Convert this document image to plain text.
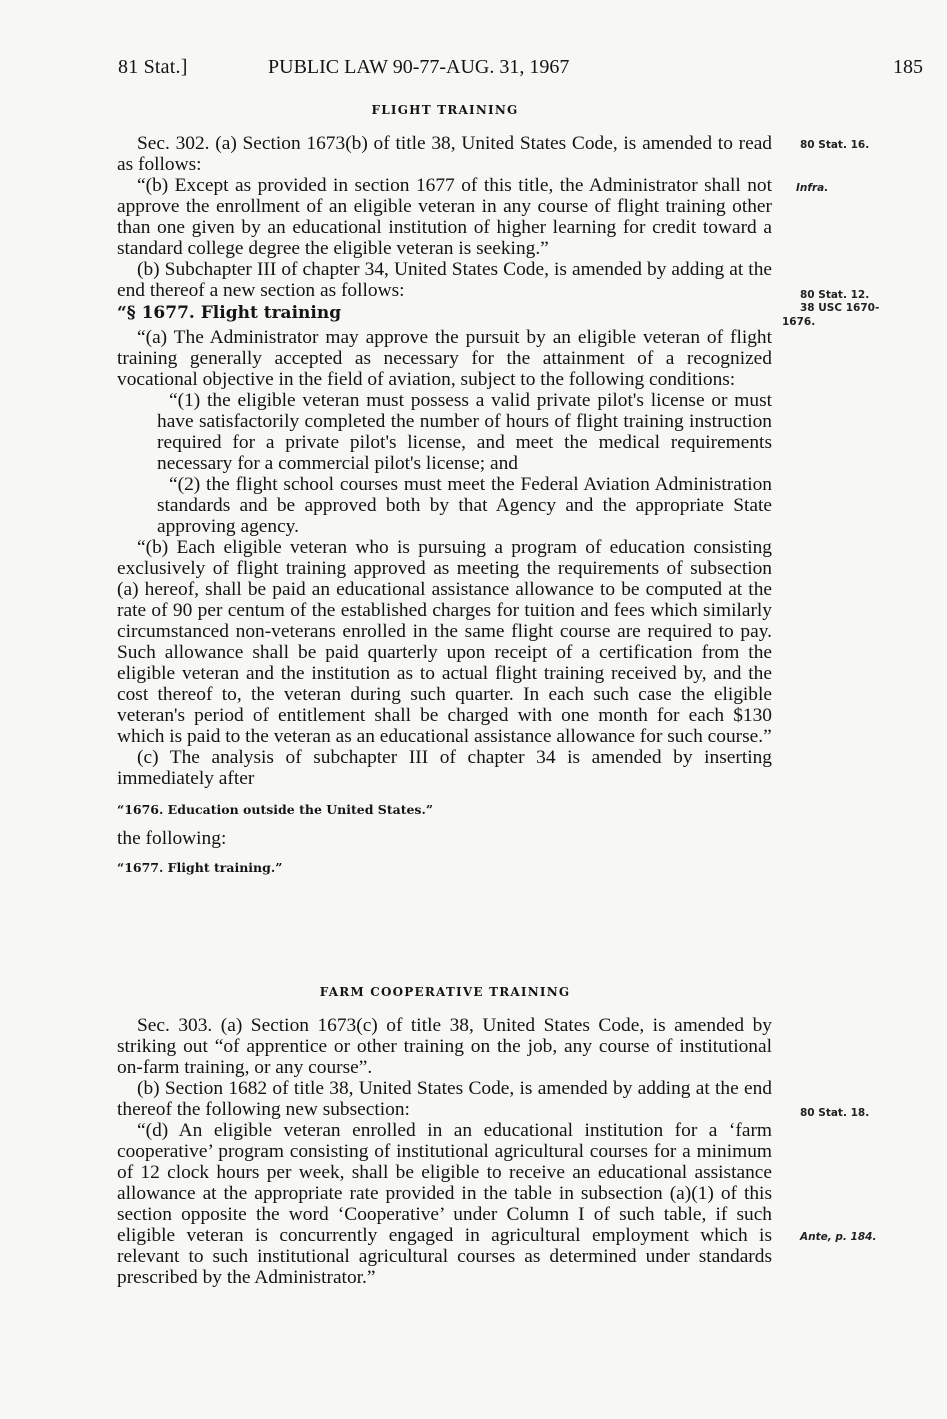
81 Stat.]	PUBLIC LAW 90-77-AUG. 31, 1967	185
FLIGHT TRAINING

Sec. 302. (a) Section 1673(b) of title 38, United States Code, is amended to read as follows:

“(b) Except as provided in section 1677 of this title, the Administrator shall not approve the enrollment of an eligible veteran in any course of flight training other than one given by an educational institution of higher learning for credit toward a standard college degree the eligible veteran is seeking.”

(b) Subchapter III of chapter 34, United States Code, is amended by adding at the end thereof a new section as follows:

“§ 1677. Flight training

“(a) The Administrator may approve the pursuit by an eligible veteran of flight training generally accepted as necessary for the attainment of a recognized vocational objective in the field of aviation, subject to the following conditions:

“(1) the eligible veteran must possess a valid private pilot's license or must have satisfactorily completed the number of hours of flight training instruction required for a private pilot's license, and meet the medical requirements necessary for a commercial pilot's license; and

“(2) the flight school courses must meet the Federal Aviation Administration standards and be approved both by that Agency and the appropriate State approving agency.

“(b) Each eligible veteran who is pursuing a program of education consisting exclusively of flight training approved as meeting the requirements of subsection (a) hereof, shall be paid an educational assistance allowance to be computed at the rate of 90 per centum of the established charges for tuition and fees which similarly circumstanced non-veterans enrolled in the same flight course are required to pay. Such allowance shall be paid quarterly upon receipt of a certification from the eligible veteran and the institution as to actual flight training received by, and the cost thereof to, the veteran during such quarter. In each such case the eligible veteran's period of entitlement shall be charged with one month for each $130 which is paid to the veteran as an educational assistance allowance for such course.”

(c) The analysis of subchapter III of chapter 34 is amended by inserting immediately after

“1676. Education outside the United States.”

the following:

“1677. Flight training.”

FARM COOPERATIVE TRAINING

Sec. 303. (a) Section 1673(c) of title 38, United States Code, is amended by striking out “of apprentice or other training on the job, any course of institutional on-farm training, or any course”.

(b) Section 1682 of title 38, United States Code, is amended by adding at the end thereof the following new subsection:

“(d) An eligible veteran enrolled in an educational institution for a ‘farm cooperative’ program consisting of institutional agricultural courses for a minimum of 12 clock hours per week, shall be eligible to receive an educational assistance allowance at the appropriate rate provided in the table in subsection (a)(1) of this section opposite the word ‘Cooperative’ under Column I of such table, if such eligible veteran is concurrently engaged in agricultural employment which is relevant to such institutional agricultural courses as determined under standards prescribed by the Administrator.”

80 Stat. 16.
Infra.
80 Stat. 12.
38 USC 1670-
1676.
80 Stat. 18.
Ante, p. 184.
